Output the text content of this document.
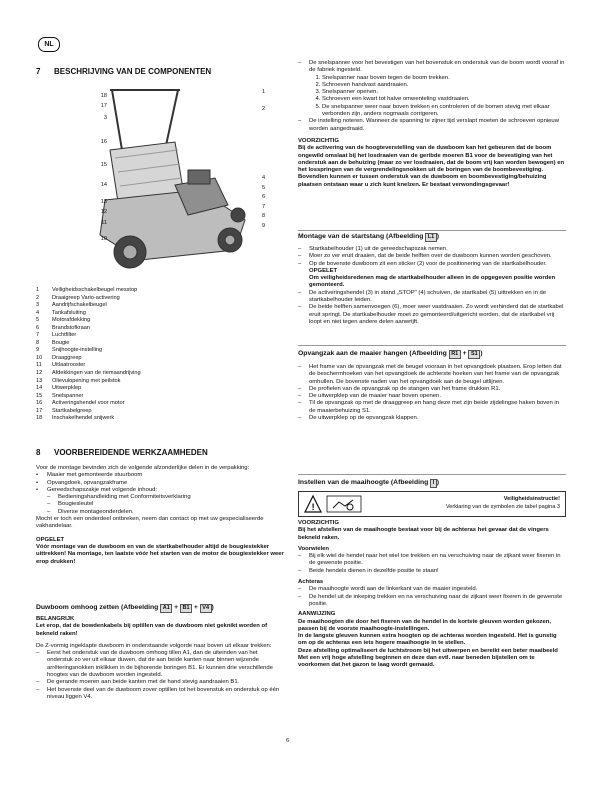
NL
7 BESCHRIJVING VAN DE COMPONENTEN
18
17
3
16
15
14
13
12
11
10
1
2
4
5
6
7
8
9
1	Veiligheidsschakelbeugel messtop
2	Draaigreep Vario-activering
3	Aandrijfschakelbeugel
4	Tankafsluiting
5	Motorafdekking
6	Brandstofkraan
7	Luchtfilter
8	Bougie
9	Snijhoogte-instelling
10	Draaggreep
11	Uitlaatrooster
12	Afdekkingen van de riemaandrijving
13	Olievulopening met peilstok
14	Uitwerpklep
15	Snelspanner
16	Activeringshendel voor motor
17	Startkabelgreep
18	Inschakelhendel snijwerk
8 VOORBEREIDENDE WERKZAAMHEDEN
Voor de montage bevinden zich de volgende afzonderlijke delen in de verpakking:
• Maaier met gemonteerde stuurboom
• Opvangdoek, opvangzakframe
• Gereedschapszakje met volgende inhoud:
– Bedieningshandleiding met Conformiteitsverklaring
– Bougiesleutel
– Diverse montageonderdelen.
Mocht er toch een onderdeel ontbreken, neem dan contact op met uw gespecialiseerde vakhandelaar.
OPGELET
Vóór montage van de duwboom en van de startkabelhouder altijd de bougiestekker uittrekken! Na montage, ten laatste vóór het starten van de motor de bougiestekker weer erop drukken!
Duwboom omhoog zetten (Afbeelding A1 + B1 + V4 )
BELANGRIJK
Let erop, dat de bowdenkabels bij optillen van de duwboom niet geknikt worden of bekneld raken!
De Z-vormig ingeklapte duwboom in onderstaande volgorde naar boven uit elkaar trekken:
– Eerst het onderstuk van de duwboom omhoog tillen A1, dan de uiteinden van het onderstuk zo ver uit elkaar duwen, dat de aan beide kanten naar binnen wijzende arrêteringsnokken inklikken in de bijhorende boringen B1. Er kunnen drie verschillende hoogtes van de duwboom worden ingesteld.
– De gerande moeren aan beide kanten met de hand stevig aandraaien B1.
– Het bovenste deel van de duwboom zover optillen tot het bovenstuk en onderstuk op één niveau liggen V4.
– De snelspanner voor het bevestigen van het bovenstuk en onderstuk van de boom wordt vooraf in de fabriek ingesteld.
1. Snelspanner naar boven tegen de boom trekken.
2. Schroeven handvast aandraaien.
3. Snelspanner openen.
4. Schroeven een kwart tot halve omwenteling vastdraaien.
5. De snelspanner weer naar boven trekken en controleren of de bomen stevig met elkaar verbonden zijn, anders nogmaals corrigeren.
– De instelling noteren. Wanneer de spanning te zijner tijd verslapt moeten de schroeven opnieuw worden aangedraaid.
VOORZICHTIG
Bij de activering van de hoogteverstelling van de duwboom kan het gebeuren dat de boom ongewild omslaat bij het losdraaien van de geribde moeren B1 voor de bevestiging van het onderstuk aan de behuizing (maar zo ver losdraaien, dat de boom vrij kan worden bewogen) en het losspringen van de vergrendelingsnokken uit de boringen van de boombevestiging. Bovendien kunnen er tussen onderstuk van de duwboom en boombevestiging/behuizing plaatsen ontstaan waar u zich kunt knelzen. Er bestaat verwondingsgevaar!
Montage van de startstang (Afbeelding L1 )
– Startkabelhouder (1) uit de gereedschapszak nemen.
– Moer zo ver eruit draaien, dat de beide helften over de duwboom kunnen worden geschoven.
– Op de bovenste duwboom zit een sticker (2) voor de positionering van de startkabelhouder.
OPGELET
Om veiligheidsredenen mag de startkabelhouder alleen in de opgegeven positie worden gemonteerd.
– De activeringshendel (3) in stand „STOP" (4) schuiven, de startkabel (5) uittrekken en in de startkabelhouder leiden.
– De beide helften samenvoegen (6), moer weer vastdraaien. Zo wordt verhinderd dat de startkabel eruit springt. De startkabelhouder moet zo gemonteerd/uitgericht worden, dat de startkabel vrij loopt en niet tegen andere delen aanwrijft.
Opvangzak aan de maaier hangen (Afbeelding R1 + S1 )
– Het frame van de opvangzak met de beugel vooraan in het opvangdoek plaatsen. Erop letten dat de beschermhoeken van het opvangdoek de achterste hoeken van het frame van de opvangzak omhullen. De bovenste naden van het opvangdoek aan de beugel uitlijnen.
– De profielen van de opvangzak op de stangen van het frame drukken R1.
– De uitwerpklep van de maaier naar boven openen.
– Til de opvangzak op met de draaggreep en hang deze met zijn beide zijdelingse haken boven in de maaierbehuizing S1.
– De uitwerpklep op de opvangzak klappen.
Instellen van de maaihoogte (Afbeelding I )
!
Veiligheidsinstructie!
Verklaring van de symbolen zie tabel pagina 3
VOORZICHTIG
Bij het afstellen van de maaihoogte bestaat voor bij de achteras het gevaar dat de vingers bekneld raken.
Voorwielen
– Bij elk wiel de hendel naar het wiel toe trekken en na verschuiving naar de zijkant weer fixeren in de gewenste positie.
– Beide hendels dienen in dezelfde positie te staan!
Achteras
– De maaihoogte wordt aan de linkerkant van de maaier ingesteld.
– De hendel uit de inkeping trekken en na verschuiving naar de zijkant weer fixeren in de gewenste positie.
AANWIJZING
De maaihoogten die door het fixeren van de hendel in de kortste gleuven worden gekozen, passen bij de voorste maaihoogte-instellingen.
In de langste gleuven kunnen extra hoogten op de achteras worden ingesteld. Het is gunstig om op de achteras een iets hogere maaihoogte in te stellen.
Deze afstelling optimaliseert de luchtstroom bij het uitwerpen en bereikt een beter maaibeeld
Met een vrij hoge afstelling beginnen en deze dan evtl. naar beneden bijstellen om te voorkomen dat het gazon te laag wordt gemaaid.
6
